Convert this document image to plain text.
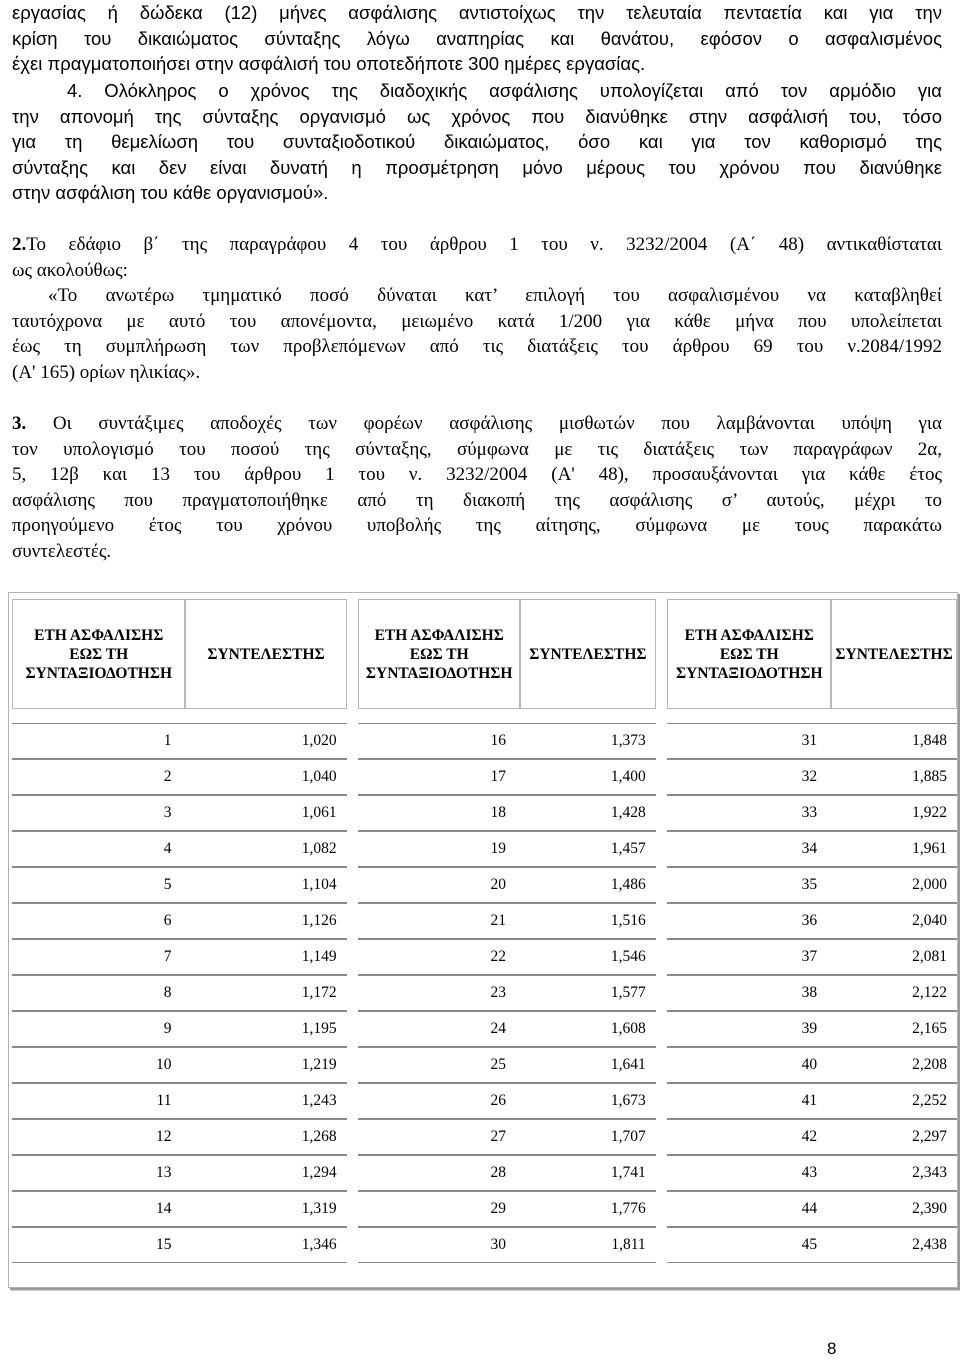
εργασίας ή δώδεκα (12) μήνες ασφάλισης αντιστοίχως την τελευταία πενταετία και για την
κρίση του δικαιώματος σύνταξης λόγω αναπηρίας και θανάτου, εφόσον ο ασφαλισμένος
έχει πραγματοποιήσει στην ασφάλισή του οποτεδήποτε 300 ημέρες εργασίας.
4. Ολόκληρος ο χρόνος της διαδοχικής ασφάλισης υπολογίζεται από τον αρμόδιο για
την απονομή της σύνταξης οργανισμό ως χρόνος που διανύθηκε στην ασφάλισή του, τόσο
για τη θεμελίωση του συνταξιοδοτικού δικαιώματος, όσο και για τον καθορισμό της
σύνταξης και δεν είναι δυνατή η προσμέτρηση μόνο μέρους του χρόνου που διανύθηκε
στην ασφάλιση του κάθε οργανισμού».
2.Το εδάφιο β΄ της παραγράφου 4 του άρθρου 1 του ν. 3232/2004 (Α΄ 48) αντικαθίσταται
ως ακολούθως:
«Το ανωτέρω τμηματικό ποσό δύναται κατ’ επιλογή του ασφαλισμένου να καταβληθεί
ταυτόχρονα με αυτό του απονέμοντα, μειωμένο κατά 1/200 για κάθε μήνα που υπολείπεται
έως τη συμπλήρωση των προβλεπόμενων από τις διατάξεις του άρθρου 69 του ν.2084/1992
(Α' 165) ορίων ηλικίας».
3. Οι συντάξιμες αποδοχές των φορέων ασφάλισης μισθωτών που λαμβάνονται υπόψη για
τον υπολογισμό του ποσού της σύνταξης, σύμφωνα με τις διατάξεις των παραγράφων 2α,
5, 12β και 13 του άρθρου 1 του ν. 3232/2004 (Α' 48), προσαυξάνονται για κάθε έτος
ασφάλισης που πραγματοποιήθηκε από τη διακοπή της ασφάλισης σ’ αυτούς, μέχρι το
προηγούμενο έτος του χρόνου υποβολής της αίτησης, σύμφωνα με τους παρακάτω
συντελεστές.
ΕΤΗ ΑΣΦΑΛΙΣΗΣ
ΕΩΣ ΤΗ
ΣΥΝΤΑΞΙΟΔΟΤΗΣΗ	ΣΥΝΤΕΛΕΣΤΗΣ		ΕΤΗ ΑΣΦΑΛΙΣΗΣ
ΕΩΣ ΤΗ
ΣΥΝΤΑΞΙΟΔΟΤΗΣΗ	ΣΥΝΤΕΛΕΣΤΗΣ		ΕΤΗ ΑΣΦΑΛΙΣΗΣ
ΕΩΣ ΤΗ
ΣΥΝΤΑΞΙΟΔΟΤΗΣΗ	ΣΥΝΤΕΛΕΣΤΗΣ

1	1,020		16	1,373		31	1,848
2	1,040		17	1,400		32	1,885
3	1,061		18	1,428		33	1,922
4	1,082		19	1,457		34	1,961
5	1,104		20	1,486		35	2,000
6	1,126		21	1,516		36	2,040
7	1,149		22	1,546		37	2,081
8	1,172		23	1,577		38	2,122
9	1,195		24	1,608		39	2,165
10	1,219		25	1,641		40	2,208
11	1,243		26	1,673		41	2,252
12	1,268		27	1,707		42	2,297
13	1,294		28	1,741		43	2,343
14	1,319		29	1,776		44	2,390
15	1,346		30	1,811		45	2,438
8
